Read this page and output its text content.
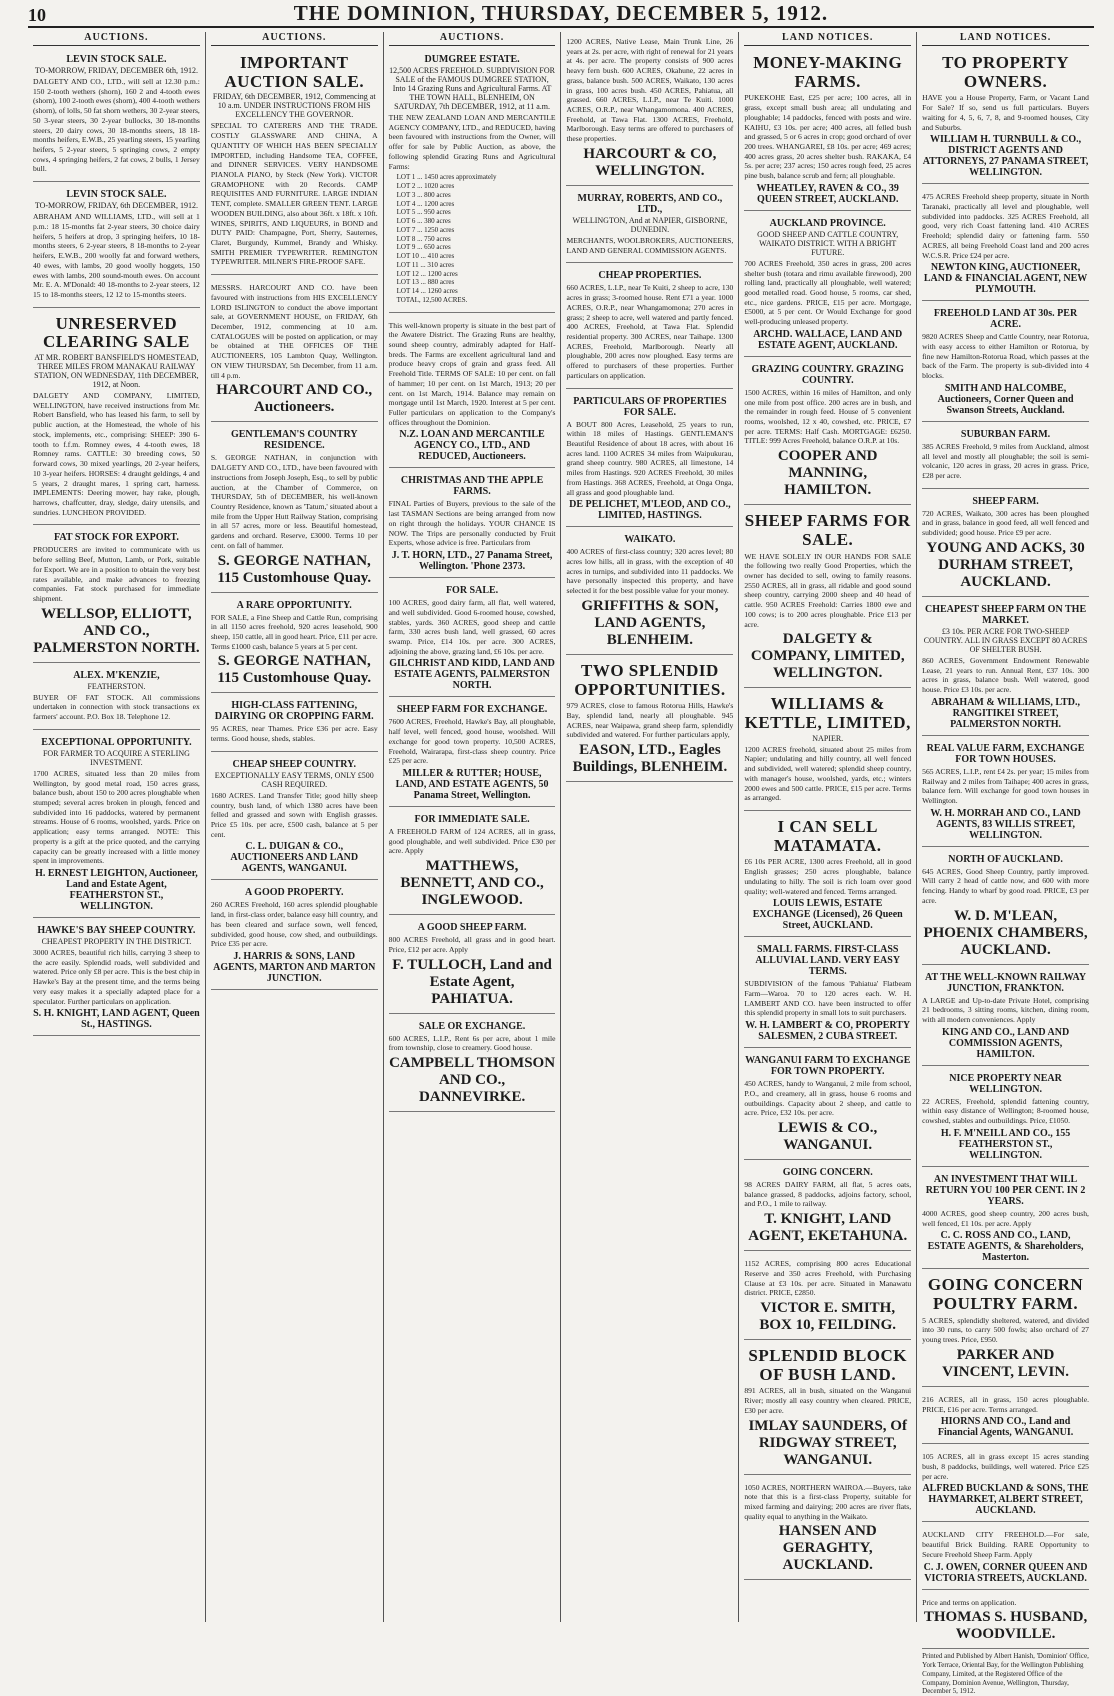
10	THE DOMINION, THURSDAY, DECEMBER 5, 1912.
AUCTIONS.
LEVIN STOCK SALE.
TO-MORROW, FRIDAY, DECEMBER 6th, 1912.
DALGETY AND CO., LTD., will sell at 12.30 p.m.: 150 2-tooth wethers (shorn), 160 2 and 4-tooth ewes (shorn), 100 2-tooth ewes (shorn), 400 4-tooth wethers (shorn), of lolls, 50 fat shorn wethers, 30 2-year steers, 50 3-year steers, 30 2-year bullocks, 30 18-months steers, 20 dairy cows, 30 18-months steers, 18 18-months heifers, E.W.B., 25 yearling steers, 15 yearling heifers, 5 2-year steers, 5 springing cows, 2 empty cows, 4 springing heifers, 2 fat cows, 2 bulls, 1 Jersey bull.
LEVIN STOCK SALE.
TO-MORROW, FRIDAY, 6th DECEMBER, 1912.
ABRAHAM AND WILLIAMS, LTD., will sell at 1 p.m.: 18 15-months fat 2-year steers, 30 choice dairy heifers, 5 heifers at drop, 3 springing heifers, 10 18-months steers, 6 2-year steers, 8 18-months to 2-year heifers, E.W.B., 200 woolly fat and forward wethers, 40 ewes, with lambs, 20 good woolly hoggets, 150 ewes with lambs, 200 sound-mouth ewes. On account Mr. E. A. M'Donald: 40 18-months to 2-year steers, 12 15 to 18-months steers, 12 12 to 15-months steers.
UNRESERVED CLEARING SALE
AT MR. ROBERT BANSFIELD'S HOMESTEAD, THREE MILES FROM MANAKAU RAILWAY STATION, ON WEDNESDAY, 11th DECEMBER, 1912, at Noon.
DALGETY AND COMPANY, LIMITED, WELLINGTON, have received instructions from Mr. Robert Bansfield, who has leased his farm, to sell by public auction, at the Homestead, the whole of his stock, implements, etc., comprising: SHEEP: 390 6-tooth to f.f.m. Romney ewes, 4 4-tooth ewes, 18 Romney rams. CATTLE: 30 breeding cows, 50 forward cows, 30 mixed yearlings, 20 2-year heifers, 10 3-year heifers. HORSES: 4 draught geldings, 4 and 5 years, 2 draught mares, 1 spring cart, harness. IMPLEMENTS: Deering mower, hay rake, plough, harrows, chaffcutter, dray, sledge, dairy utensils, and sundries. LUNCHEON PROVIDED.
FAT STOCK FOR EXPORT.
PRODUCERS are invited to communicate with us before selling Beef, Mutton, Lamb, or Pork, suitable for Export. We are in a position to obtain the very best rates available, and make advances to freezing companies. Fat stock purchased for immediate shipment.
WELLSOP, ELLIOTT, AND CO., PALMERSTON NORTH.
ALEX. M'KENZIE,
FEATHERSTON.
BUYER OF FAT STOCK. All commissions undertaken in connection with stock transactions ex farmers' account. P.O. Box 18. Telephone 12.
EXCEPTIONAL OPPORTUNITY.
FOR FARMER TO ACQUIRE A STERLING INVESTMENT.
1700 ACRES, situated less than 20 miles from Wellington, by good metal road, 150 acres grass, balance bush, about 150 to 200 acres ploughable when stumped; several acres broken in plough, fenced and subdivided into 16 paddocks, watered by permanent streams. House of 6 rooms, woolshed, yards. Price on application; easy terms arranged. NOTE: This property is a gift at the price quoted, and the carrying capacity can be greatly increased with a little money spent in improvements.
H. ERNEST LEIGHTON, Auctioneer, Land and Estate Agent, FEATHERSTON ST., WELLINGTON.
HAWKE'S BAY SHEEP COUNTRY.
CHEAPEST PROPERTY IN THE DISTRICT.
3000 ACRES, beautiful rich hills, carrying 3 sheep to the acre easily. Splendid roads, well subdivided and watered. Price only £8 per acre. This is the best chip in Hawke's Bay at the present time, and the terms being very easy makes it a specially adapted place for a speculator. Further particulars on application.
S. H. KNIGHT, LAND AGENT, Queen St., HASTINGS.
AUCTIONS.
IMPORTANT AUCTION SALE.
FRIDAY, 6th DECEMBER, 1912, Commencing at 10 a.m. UNDER INSTRUCTIONS FROM HIS EXCELLENCY THE GOVERNOR.
SPECIAL TO CATERERS AND THE TRADE. COSTLY GLASSWARE AND CHINA, A QUANTITY OF WHICH HAS BEEN SPECIALLY IMPORTED, including Handsome TEA, COFFEE, and DINNER SERVICES. VERY HANDSOME PIANOLA PIANO, by Steck (New York). VICTOR GRAMOPHONE with 20 Records. CAMP REQUISITES AND FURNITURE. LARGE INDIAN TENT, complete. SMALLER GREEN TENT. LARGE WOODEN BUILDING, also about 36ft. x 18ft. x 10ft. WINES, SPIRITS, AND LIQUEURS, in BOND and DUTY PAID: Champagne, Port, Sherry, Sauternes, Claret, Burgundy, Kummel, Brandy and Whisky. SMITH PREMIER TYPEWRITER. REMINGTON TYPEWRITER. MILNER'S FIRE-PROOF SAFE.
MESSRS. HARCOURT AND CO. have been favoured with instructions from HIS EXCELLENCY LORD ISLINGTON to conduct the above important sale, at GOVERNMENT HOUSE, on FRIDAY, 6th December, 1912, commencing at 10 a.m. CATALOGUES will be posted on application, or may be obtained at THE OFFICES OF THE AUCTIONEERS, 105 Lambton Quay, Wellington. ON VIEW THURSDAY, 5th December, from 11 a.m. till 4 p.m.
HARCOURT AND CO., Auctioneers.
GENTLEMAN'S COUNTRY RESIDENCE.
S. GEORGE NATHAN, in conjunction with DALGETY AND CO., LTD., have been favoured with instructions from Joseph Joseph, Esq., to sell by public auction, at the Chamber of Commerce, on THURSDAY, 5th of DECEMBER, his well-known Country Residence, known as 'Tatum,' situated about a mile from the Upper Hutt Railway Station, comprising in all 57 acres, more or less. Beautiful homestead, gardens and orchard. Reserve, £3000. Terms 10 per cent. on fall of hammer.
S. GEORGE NATHAN, 115 Customhouse Quay.
A RARE OPPORTUNITY.
FOR SALE, a Fine Sheep and Cattle Run, comprising in all 1150 acres freehold, 920 acres leasehold, 900 sheep, 150 cattle, all in good heart. Price, £11 per acre. Terms £1000 cash, balance 5 years at 5 per cent.
S. GEORGE NATHAN, 115 Customhouse Quay.
HIGH-CLASS FATTENING, DAIRYING OR CROPPING FARM.
95 ACRES, near Thames. Price £36 per acre. Easy terms. Good house, sheds, stables.
CHEAP SHEEP COUNTRY.
EXCEPTIONALLY EASY TERMS, ONLY £500 CASH REQUIRED.
1680 ACRES. Land Transfer Title; good hilly sheep country, bush land, of which 1380 acres have been felled and grassed and sown with English grasses. Price £5 10s. per acre, £500 cash, balance at 5 per cent.
C. L. DUIGAN & CO., AUCTIONEERS AND LAND AGENTS, WANGANUI.
A GOOD PROPERTY.
260 ACRES Freehold, 160 acres splendid ploughable land, in first-class order, balance easy hill country, and has been cleared and surface sown, well fenced, subdivided, good house, cow shed, and outbuildings. Price £35 per acre.
J. HARRIS & SONS, LAND AGENTS, MARTON AND MARTON JUNCTION.
AUCTIONS.
DUMGREE ESTATE.
12,500 ACRES FREEHOLD. SUBDIVISION FOR SALE of the FAMOUS DUMGREE STATION, Into 14 Grazing Runs and Agricultural Farms. AT THE TOWN HALL, BLENHEIM, ON SATURDAY, 7th DECEMBER, 1912, at 11 a.m.
THE NEW ZEALAND LOAN AND MERCANTILE AGENCY COMPANY, LTD., and REDUCED, having been favoured with instructions from the Owner, will offer for sale by Public Auction, as above, the following splendid Grazing Runs and Agricultural Farms:
LOT 1 ... 1450 acres approximately
LOT 2 ... 1020 acres
LOT 3 ... 800 acres
LOT 4 ... 1200 acres
LOT 5 ... 950 acres
LOT 6 ... 380 acres
LOT 7 ... 1250 acres
LOT 8 ... 750 acres
LOT 9 ... 650 acres
LOT 10 ... 410 acres
LOT 11 ... 310 acres
LOT 12 ... 1200 acres
LOT 13 ... 880 acres
LOT 14 ... 1260 acres
TOTAL, 12,500 ACRES.
This well-known property is situate in the best part of the Awatere District. The Grazing Runs are healthy, sound sheep country, admirably adapted for Half-breds. The Farms are excellent agricultural land and produce heavy crops of grain and grass feed. All Freehold Title. TERMS OF SALE: 10 per cent. on fall of hammer; 10 per cent. on 1st March, 1913; 20 per cent. on 1st March, 1914. Balance may remain on mortgage until 1st March, 1920. Interest at 5 per cent. Fuller particulars on application to the Company's offices throughout the Dominion.
N.Z. LOAN AND MERCANTILE AGENCY CO., LTD., AND REDUCED, Auctioneers.
CHRISTMAS AND THE APPLE FARMS.
FINAL Parties of Buyers, previous to the sale of the last TASMAN Sections are being arranged from now on right through the holidays. YOUR CHANCE IS NOW. The Trips are personally conducted by Fruit Experts, whose advice is free. Particulars from
J. T. HORN, LTD., 27 Panama Street, Wellington. 'Phone 2373.
FOR SALE.
100 ACRES, good dairy farm, all flat, well watered, and well subdivided. Good 6-roomed house, cowshed, stables, yards. 360 ACRES, good sheep and cattle farm, 330 acres bush land, well grassed, 60 acres swamp. Price, £14 10s. per acre. 300 ACRES, adjoining the above, grazing land, £6 10s. per acre.
GILCHRIST AND KIDD, LAND AND ESTATE AGENTS, PALMERSTON NORTH.
SHEEP FARM FOR EXCHANGE.
7600 ACRES, Freehold, Hawke's Bay, all ploughable, half level, well fenced, good house, woolshed. Will exchange for good town property. 10,500 ACRES, Freehold, Wairarapa, first-class sheep country. Price £25 per acre.
MILLER & RUTTER; HOUSE, LAND, AND ESTATE AGENTS, 50 Panama Street, Wellington.
FOR IMMEDIATE SALE.
A FREEHOLD FARM of 124 ACRES, all in grass, good ploughable, and well subdivided. Price £30 per acre. Apply
MATTHEWS, BENNETT, AND CO., INGLEWOOD.
A GOOD SHEEP FARM.
800 ACRES Freehold, all grass and in good heart. Price, £12 per acre. Apply
F. TULLOCH, Land and Estate Agent, PAHIATUA.
SALE OR EXCHANGE.
600 ACRES, L.I.P., Rent 6s per acre, about 1 mile from township, close to creamery. Good house.
CAMPBELL THOMSON AND CO., DANNEVIRKE.
1200 ACRES, Native Lease, Main Trunk Line, 26 years at 2s. per acre, with right of renewal for 21 years at 4s. per acre. The property consists of 900 acres heavy fern bush. 600 ACRES, Okahune, 22 acres in grass, balance bush. 500 ACRES, Waikato, 130 acres in grass, 100 acres bush. 450 ACRES, Pahiatua, all grassed. 660 ACRES, L.I.P., near Te Kuiti. 1000 ACRES, O.R.P., near Whangamomona. 400 ACRES, Freehold, at Tawa Flat. 1300 ACRES, Freehold, Marlborough. Easy terms are offered to purchasers of these properties.
HARCOURT & CO, WELLINGTON.
MURRAY, ROBERTS, AND CO., LTD.,
WELLINGTON, And at NAPIER, GISBORNE, DUNEDIN.
MERCHANTS, WOOLBROKERS, AUCTIONEERS, LAND AND GENERAL COMMISSION AGENTS.
CHEAP PROPERTIES.
660 ACRES, L.I.P., near Te Kuiti, 2 sheep to acre, 130 acres in grass; 3-roomed house. Rent £71 a year. 1000 ACRES, O.R.P., near Whangamomona; 270 acres in grass; 2 sheep to acre, well watered and partly fenced. 400 ACRES, Freehold, at Tawa Flat. Splendid residential property. 300 ACRES, near Taihape. 1300 ACRES, Freehold, Marlborough. Nearly all ploughable, 200 acres now ploughed. Easy terms are offered to purchasers of these properties. Further particulars on application.
PARTICULARS OF PROPERTIES FOR SALE.
A BOUT 800 Acres, Leasehold, 25 years to run, within 18 miles of Hastings. GENTLEMAN'S Beautiful Residence of about 18 acres, with about 16 acres land. 1100 ACRES 34 miles from Waipukurau, grand sheep country. 980 ACRES, all limestone, 14 miles from Hastings. 920 ACRES Freehold, 30 miles from Hastings. 368 ACRES, Freehold, at Onga Onga, all grass and good ploughable land.
DE PELICHET, M'LEOD, AND CO., LIMITED, HASTINGS.
WAIKATO.
400 ACRES of first-class country; 320 acres level; 80 acres low hills, all in grass, with the exception of 40 acres in turnips, and subdivided into 11 paddocks. We have personally inspected this property, and have selected it for the best possible value for your money.
GRIFFITHS & SON, LAND AGENTS, BLENHEIM.
TWO SPLENDID OPPORTUNITIES.
979 ACRES, close to famous Rotorua Hills, Hawke's Bay, splendid land, nearly all ploughable. 945 ACRES, near Waipawa, grand sheep farm, splendidly subdivided and watered. For further particulars apply,
EASON, LTD., Eagles Buildings, BLENHEIM.
LAND NOTICES.
MONEY-MAKING FARMS.
PUKEKOHE East, £25 per acre; 100 acres, all in grass, except small bush area; all undulating and ploughable; 14 paddocks, fenced with posts and wire. KAIHU, £3 10s. per acre; 400 acres, all felled bush and grassed, 5 or 6 acres in crop; good orchard of over 200 trees. WHANGAREI, £8 10s. per acre; 469 acres; 400 acres grass, 20 acres shelter bush. RAKAKA, £4 5s. per acre; 237 acres; 150 acres rough feed, 25 acres pine bush, balance scrub and fern; all ploughable.
WHEATLEY, RAVEN & CO., 39 QUEEN STREET, AUCKLAND.
AUCKLAND PROVINCE.
GOOD SHEEP AND CATTLE COUNTRY, WAIKATO DISTRICT. WITH A BRIGHT FUTURE.
700 ACRES Freehold, 350 acres in grass, 200 acres shelter bush (totara and rimu available firewood), 200 rolling land, practically all ploughable, well watered; good metalled road. Good house, 5 rooms, car shed, etc., nice gardens. PRICE, £15 per acre. Mortgage, £5000, at 5 per cent. Or Would Exchange for good well-producing unleased property.
ARCHD. WALLACE, LAND AND ESTATE AGENT, AUCKLAND.
GRAZING COUNTRY. GRAZING COUNTRY.
1500 ACRES, within 16 miles of Hamilton, and only one mile from post office. 200 acres are in bush, and the remainder in rough feed. House of 5 convenient rooms, woolshed, 12 x 40, cowshed, etc. PRICE, £7 per acre. TERMS: Half Cash. MORTGAGE: £6250. TITLE: 999 Acres Freehold, balance O.R.P. at 10s.
COOPER AND MANNING, HAMILTON.
SHEEP FARMS FOR SALE.
WE HAVE SOLELY IN OUR HANDS FOR SALE the following two really Good Properties, which the owner has decided to sell, owing to family reasons. 2550 ACRES, all in grass, all ridable and good sound sheep country, carrying 2000 sheep and 40 head of cattle. 950 ACRES Freehold: Carries 1800 ewe and 100 cows; is to 200 acres ploughable. Price £13 per acre.
DALGETY & COMPANY, LIMITED, WELLINGTON.
WILLIAMS & KETTLE, LIMITED,
NAPIER.
1200 ACRES freehold, situated about 25 miles from Napier; undulating and hilly country, all well fenced and subdivided, well watered; splendid sheep country, with manager's house, woolshed, yards, etc.; winters 2000 ewes and 500 cattle. PRICE, £15 per acre. Terms as arranged.
I CAN SELL MATAMATA.
£6 10s PER ACRE, 1300 acres Freehold, all in good English grasses; 250 acres ploughable, balance undulating to hilly. The soil is rich loam over good quality; well-watered and fenced. Terms arranged.
LOUIS LEWIS, ESTATE EXCHANGE (Licensed), 26 Queen Street, AUCKLAND.
SMALL FARMS. FIRST-CLASS ALLUVIAL LAND. VERY EASY TERMS.
SUBDIVISION of the famous 'Pahiatua' Flatbeam Farm—Waroa. 70 to 120 acres each. W. H. LAMBERT AND CO. have been instructed to offer this splendid property in small lots to suit purchasers.
W. H. LAMBERT & CO, PROPERTY SALESMEN, 2 CUBA STREET.
WANGANUI FARM TO EXCHANGE FOR TOWN PROPERTY.
450 ACRES, handy to Wanganui, 2 mile from school, P.O., and creamery, all in grass, house 6 rooms and outbuildings. Capacity about 2 sheep, and cattle to acre. Price, £32 10s. per acre.
LEWIS & CO., WANGANUI.
GOING CONCERN.
98 ACRES DAIRY FARM, all flat, 5 acres oats, balance grassed, 8 paddocks, adjoins factory, school, and P.O., 1 mile to railway.
T. KNIGHT, LAND AGENT, EKETAHUNA.
1152 ACRES, comprising 800 acres Educational Reserve and 350 acres Freehold, with Purchasing Clause at £3 10s. per acre. Situated in Manawatu district. PRICE, £2850.
VICTOR E. SMITH, BOX 10, FEILDING.
SPLENDID BLOCK OF BUSH LAND.
891 ACRES, all in bush, situated on the Wanganui River; mostly all easy country when cleared. PRICE, £30 per acre.
IMLAY SAUNDERS, Of RIDGWAY STREET, WANGANUI.
1050 ACRES, NORTHERN WAIROA.—Buyers, take note that this is a first-class Property, suitable for mixed farming and dairying; 200 acres are river flats, quality equal to anything in the Waikato.
HANSEN AND GERAGHTY, AUCKLAND.
LAND NOTICES.
TO PROPERTY OWNERS.
HAVE you a House Property, Farm, or Vacant Land For Sale? If so, send us full particulars. Buyers waiting for 4, 5, 6, 7, 8, and 9-roomed houses, City and Suburbs.
WILLIAM H. TURNBULL & CO., DISTRICT AGENTS AND ATTORNEYS, 27 PANAMA STREET, WELLINGTON.
475 ACRES Freehold sheep property, situate in North Taranaki, practically all level and ploughable, well subdivided into paddocks. 325 ACRES Freehold, all good, very rich Coast fattening land. 410 ACRES Freehold; splendid dairy or fattening farm. 550 ACRES, all being Freehold Coast land and 200 acres W.C.S.R. Price £24 per acre.
NEWTON KING, AUCTIONEER, LAND & FINANCIAL AGENT, NEW PLYMOUTH.
FREEHOLD LAND AT 30s. PER ACRE.
9820 ACRES Sheep and Cattle Country, near Rotorua, with easy access to either Hamilton or Rotorua, by fine new Hamilton-Rotorua Road, which passes at the back of the Farm. The property is sub-divided into 4 blocks.
SMITH AND HALCOMBE, Auctioneers, Corner Queen and Swanson Streets, Auckland.
SUBURBAN FARM.
385 ACRES Freehold, 9 miles from Auckland, almost all level and mostly all ploughable; the soil is semi-volcanic, 120 acres in grass, 20 acres in grass. Price, £28 per acre.
SHEEP FARM.
720 ACRES, Waikato, 300 acres has been ploughed and in grass, balance in good feed, all well fenced and subdivided; good house. Price £9 per acre.
YOUNG AND ACKS, 30 DURHAM STREET, AUCKLAND.
CHEAPEST SHEEP FARM ON THE MARKET.
£3 10s. PER ACRE FOR TWO-SHEEP COUNTRY. ALL IN GRASS EXCEPT 80 ACRES OF SHELTER BUSH.
860 ACRES, Government Endowment Renewable Lease, 21 years to run. Annual Rent, £37 10s. 300 acres in grass, balance bush. Well watered, good house. Price £3 10s. per acre.
ABRAHAM & WILLIAMS, LTD., RANGITIKEI STREET, PALMERSTON NORTH.
REAL VALUE FARM, EXCHANGE FOR TOWN HOUSES.
565 ACRES, L.I.P., rent £4 2s. per year; 15 miles from Railway and 2 miles from Taihape; 400 acres in grass, balance fern. Will exchange for good town houses in Wellington.
W. H. MORRAH AND CO., LAND AGENTS, 83 WILLIS STREET, WELLINGTON.
NORTH OF AUCKLAND.
645 ACRES, Good Sheep Country, partly improved. Will carry 2 head of cattle now, and 600 with more fencing. Handy to wharf by good road. PRICE, £3 per acre.
W. D. M'LEAN, PHOENIX CHAMBERS, AUCKLAND.
AT THE WELL-KNOWN RAILWAY JUNCTION, FRANKTON.
A LARGE and Up-to-date Private Hotel, comprising 21 bedrooms, 3 sitting rooms, kitchen, dining room, with all modern conveniences. Apply
KING AND CO., LAND AND COMMISSION AGENTS, HAMILTON.
NICE PROPERTY NEAR WELLINGTON.
22 ACRES, Freehold, splendid fattening country, within easy distance of Wellington; 8-roomed house, cowshed, stables and outbuildings. Price, £1050.
H. F. M'NEILL AND CO., 155 FEATHERSTON ST., WELLINGTON.
AN INVESTMENT THAT WILL RETURN YOU 100 PER CENT. IN 2 YEARS.
4000 ACRES, good sheep country, 200 acres bush, well fenced, £1 10s. per acre. Apply
C. C. ROSS AND CO., LAND, ESTATE AGENTS, & Shareholders, Masterton.
GOING CONCERN POULTRY FARM.
5 ACRES, splendidly sheltered, watered, and divided into 30 runs, to carry 500 fowls; also orchard of 27 young trees. Price, £950.
PARKER AND VINCENT, LEVIN.
216 ACRES, all in grass, 150 acres ploughable. PRICE, £16 per acre. Terms arranged.
HIORNS AND CO., Land and Financial Agents, WANGANUI.
105 ACRES, all in grass except 15 acres standing bush, 8 paddocks, buildings, well watered. Price £25 per acre.
ALFRED BUCKLAND & SONS, THE HAYMARKET, ALBERT STREET, AUCKLAND.
AUCKLAND CITY FREEHOLD.—For sale, beautiful Brick Building. RARE Opportunity to Secure Freehold Sheep Farm. Apply
C. J. OWEN, CORNER QUEEN AND VICTORIA STREETS, AUCKLAND.
Price and terms on application.
THOMAS S. HUSBAND, WOODVILLE.
Printed and Published by Albert Hanish, 'Dominion' Office, York Terrace, Oriental Bay, for the Wellington Publishing Company, Limited, at the Registered Office of the Company, Dominion Avenue, Wellington, Thursday, December 5, 1912.
